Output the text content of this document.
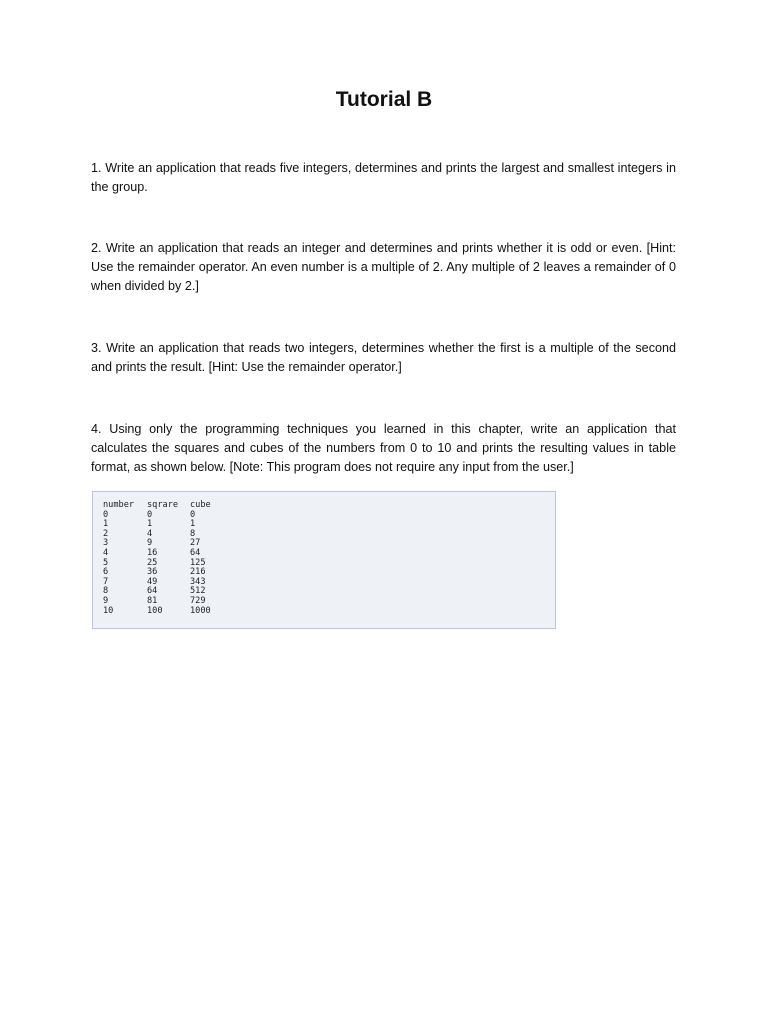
Tutorial B

1. Write an application that reads five integers, determines and prints the largest and smallest integers in the group.

2. Write an application that reads an integer and determines and prints whether it is odd or even. [Hint: Use the remainder operator. An even number is a multiple of 2. Any multiple of 2 leaves a remainder of 0 when divided by 2.]

3. Write an application that reads two integers, determines whether the first is a multiple of the second and prints the result. [Hint: Use the remainder operator.]

4. Using only the programming techniques you learned in this chapter, write an application that calculates the squares and cubes of the numbers from 0 to 10 and prints the resulting values in table format, as shown below. [Note: This program does not require any input from the user.]

number	sqrare	cube
0	0	0
1	1	1
2	4	8
3	9	27
4	16	64
5	25	125
6	36	216
7	49	343
8	64	512
9	81	729
10	100	1000
